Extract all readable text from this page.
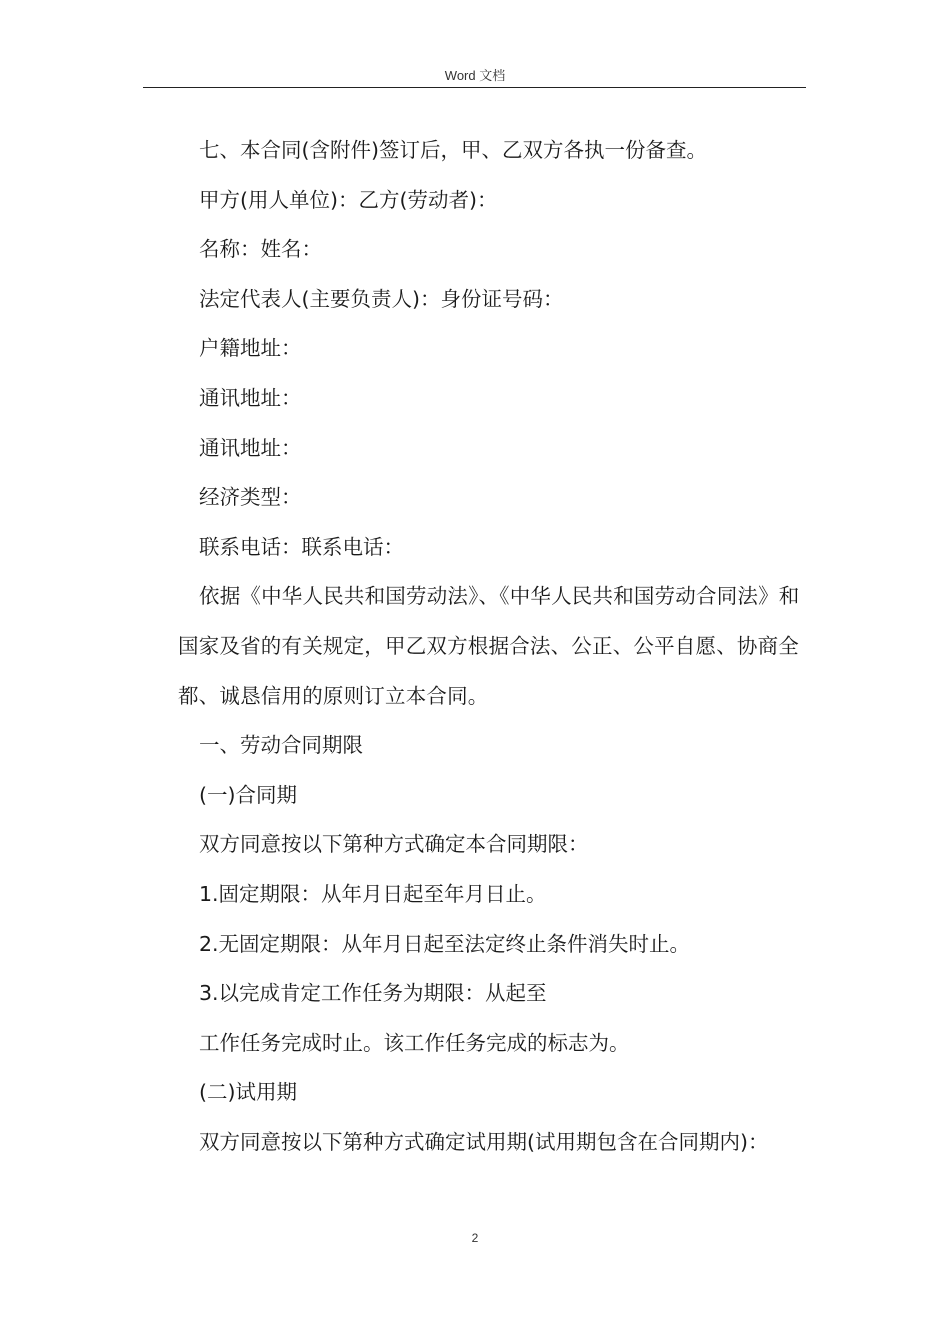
Word 文档

七、本合同(含附件)签订后，甲、乙双方各执一份备查。

甲方(用人单位)：乙方(劳动者)：

名称：姓名：

法定代表人(主要负责人)：身份证号码：

户籍地址：

通讯地址：

通讯地址：

经济类型：

联系电话：联系电话：

依据《中华人民共和国劳动法》、《中华人民共和国劳动合同法》和国家及省的有关规定，甲乙双方根据合法、公正、公平自愿、协商全都、诚恳信用的原则订立本合同。

一、劳动合同期限

(一)合同期

双方同意按以下第种方式确定本合同期限：

1.固定期限：从年月日起至年月日止。

2.无固定期限：从年月日起至法定终止条件消失时止。

3.以完成肯定工作任务为期限：从起至

工作任务完成时止。该工作任务完成的标志为。

(二)试用期

双方同意按以下第种方式确定试用期(试用期包含在合同期内)：

2
